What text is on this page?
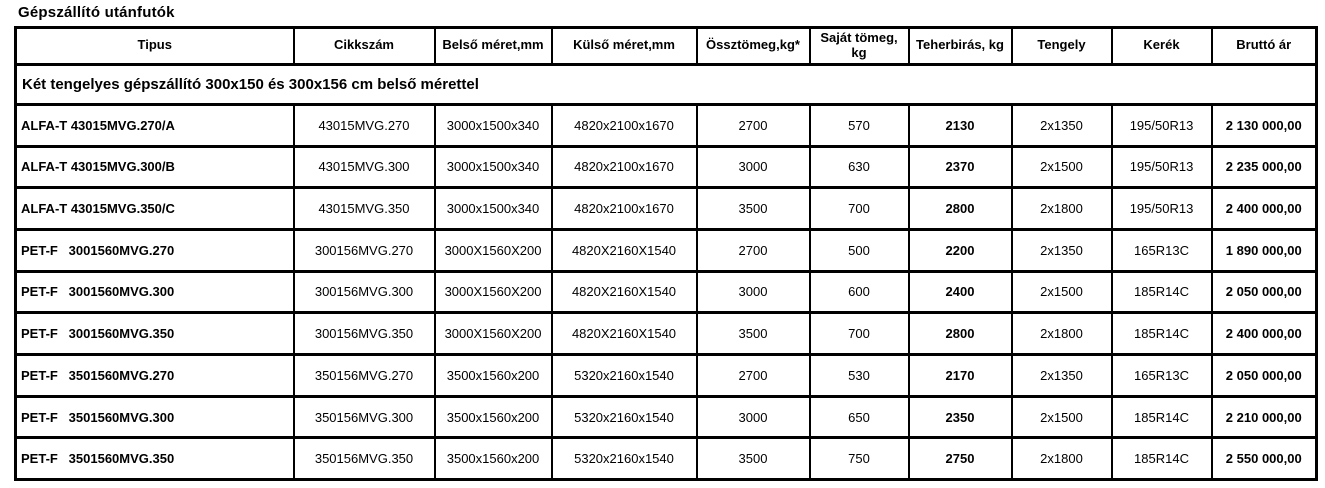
Gépszállító utánfutók
Tipus	Cikkszám	Belső méret,mm	Külső méret,mm	Össztömeg,kg*	Saját tömeg, kg	Teherbirás, kg	Tengely	Kerék	Bruttó ár
Két tengelyes gépszállító 300x150 és 300x156 cm belső mérettel									
ALFA-T 43015MVG.270/A	43015MVG.270	3000x1500x340	4820x2100x1670	2700	570	2130	2x1350	195/50R13	2 130 000,00
ALFA-T 43015MVG.300/B	43015MVG.300	3000x1500x340	4820x2100x1670	3000	630	2370	2x1500	195/50R13	2 235 000,00
ALFA-T 43015MVG.350/C	43015MVG.350	3000x1500x340	4820x2100x1670	3500	700	2800	2x1800	195/50R13	2 400 000,00
PET-F   3001560MVG.270	300156MVG.270	3000X1560X200	4820X2160X1540	2700	500	2200	2x1350	165R13C	1 890 000,00
PET-F   3001560MVG.300	300156MVG.300	3000X1560X200	4820X2160X1540	3000	600	2400	2x1500	185R14C	2 050 000,00
PET-F   3001560MVG.350	300156MVG.350	3000X1560X200	4820X2160X1540	3500	700	2800	2x1800	185R14C	2 400 000,00
PET-F   3501560MVG.270	350156MVG.270	3500x1560x200	5320x2160x1540	2700	530	2170	2x1350	165R13C	2 050 000,00
PET-F   3501560MVG.300	350156MVG.300	3500x1560x200	5320x2160x1540	3000	650	2350	2x1500	185R14C	2 210 000,00
PET-F   3501560MVG.350	350156MVG.350	3500x1560x200	5320x2160x1540	3500	750	2750	2x1800	185R14C	2 550 000,00
